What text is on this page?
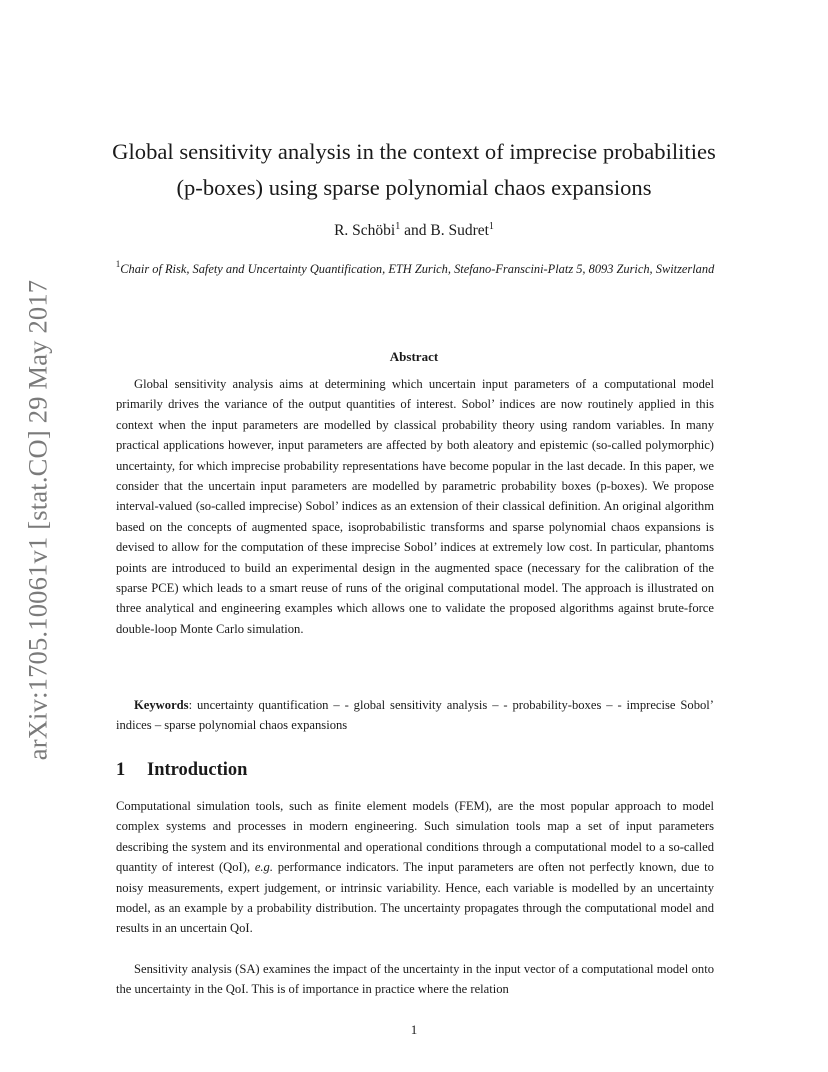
arXiv:1705.10061v1 [stat.CO] 29 May 2017
Global sensitivity analysis in the context of imprecise probabilities
(p-boxes) using sparse polynomial chaos expansions
R. Schöbi$^1$ and B. Sudret$^1$
$^1$Chair of Risk, Safety and Uncertainty Quantification, ETH Zurich, Stefano-Franscini-Platz 5, 8093 Zurich, Switzerland
Abstract

Global sensitivity analysis aims at determining which uncertain input parameters of a computational model primarily drives the variance of the output quantities of interest. Sobol’ indices are now routinely applied in this context when the input parameters are modelled by classical probability theory using random variables. In many practical applications however, input parameters are affected by both aleatory and epistemic (so-called polymorphic) uncertainty, for which imprecise probability representations have become popular in the last decade. In this paper, we consider that the uncertain input parameters are modelled by parametric probability boxes (p-boxes). We propose interval-valued (so-called imprecise) Sobol’ indices as an extension of their classical definition. An original algorithm based on the concepts of augmented space, isoprobabilistic transforms and sparse polynomial chaos expansions is devised to allow for the computation of these imprecise Sobol’ indices at extremely low cost. In particular, phantoms points are introduced to build an experimental design in the augmented space (necessary for the calibration of the sparse PCE) which leads to a smart reuse of runs of the original computational model. The approach is illustrated on three analytical and engineering examples which allows one to validate the proposed algorithms against brute-force double-loop Monte Carlo simulation.

Keywords: uncertainty quantification – - global sensitivity analysis – - probability-boxes – - imprecise Sobol’ indices – sparse polynomial chaos expansions

1 Introduction

Computational simulation tools, such as finite element models (FEM), are the most popular approach to model complex systems and processes in modern engineering. Such simulation tools map a set of input parameters describing the system and its environmental and operational conditions through a computational model to a so-called quantity of interest (QoI), e.g. performance indicators. The input parameters are often not perfectly known, due to noisy measurements, expert judgement, or intrinsic variability. Hence, each variable is modelled by an uncertainty model, as an example by a probability distribution. The uncertainty propagates through the computational model and results in an uncertain QoI.

Sensitivity analysis (SA) examines the impact of the uncertainty in the input vector of a computational model onto the uncertainty in the QoI. This is of importance in practice where the relation

1
